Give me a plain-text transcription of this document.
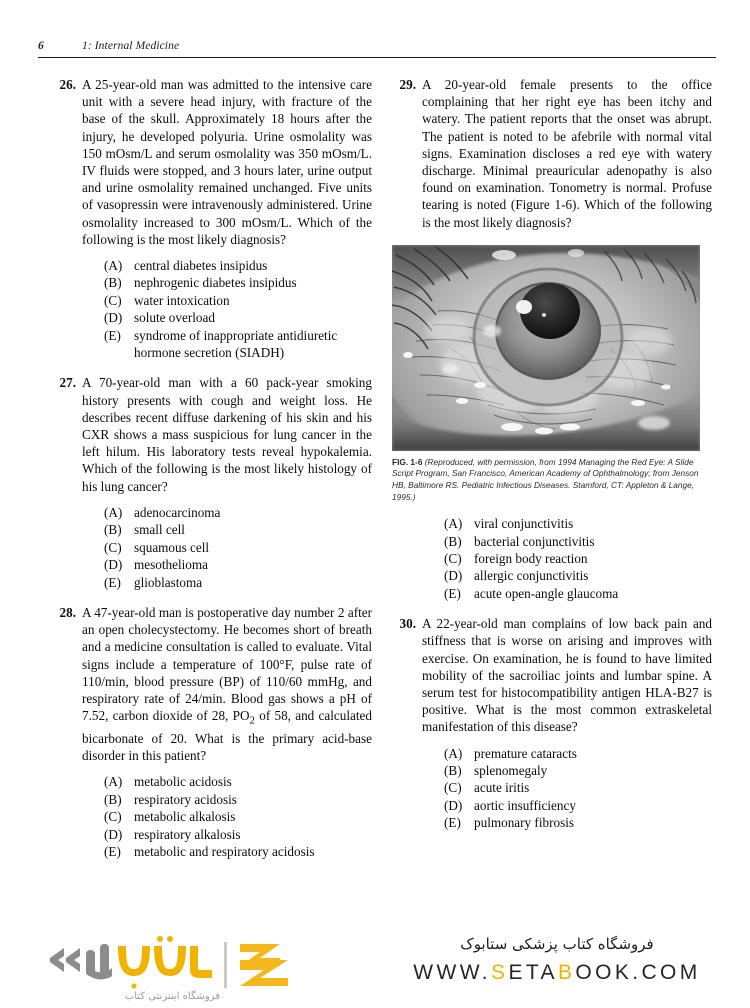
6	1: Internal Medicine
26. A 25-year-old man was admitted to the intensive care unit with a severe head injury, with fracture of the base of the skull. Approximately 18 hours after the injury, he developed polyuria. Urine osmolality was 150 mOsm/L and serum osmolality was 350 mOsm/L. IV fluids were stopped, and 3 hours later, urine output and urine osmolality remained unchanged. Five units of vasopressin were intravenously administered. Urine osmolality increased to 300 mOsm/L. Which of the following is the most likely diagnosis?
(A) central diabetes insipidus
(B) nephrogenic diabetes insipidus
(C) water intoxication
(D) solute overload
(E) syndrome of inappropriate antidiuretic hormone secretion (SIADH)
27. A 70-year-old man with a 60 pack-year smoking history presents with cough and weight loss. He describes recent diffuse darkening of his skin and his CXR shows a mass suspicious for lung cancer in the left hilum. His laboratory tests reveal hypokalemia. Which of the following is the most likely histology of his lung cancer?
(A) adenocarcinoma
(B) small cell
(C) squamous cell
(D) mesothelioma
(E) glioblastoma
28. A 47-year-old man is postoperative day number 2 after an open cholecystectomy. He becomes short of breath and a medicine consultation is called to evaluate. Vital signs include a temperature of 100°F, pulse rate of 110/min, blood pressure (BP) of 110/60 mmHg, and respiratory rate of 24/min. Blood gas shows a pH of 7.52, carbon dioxide of 28, $PO_2$ of 58, and calculated bicarbonate of 20. What is the primary acid-base disorder in this patient?
(A) metabolic acidosis
(B) respiratory acidosis
(C) metabolic alkalosis
(D) respiratory alkalosis
(E) metabolic and respiratory acidosis
29. A 20-year-old female presents to the office complaining that her right eye has been itchy and watery. The patient reports that the onset was abrupt. The patient is noted to be afebrile with normal vital signs. Examination discloses a red eye with watery discharge. Minimal preauricular adenopathy is also found on examination. Tonometry is normal. Profuse tearing is noted (Figure 1-6). Which of the following is the most likely diagnosis?
FIG. 1-6 (Reproduced, with permission, from 1994 Managing the Red Eye: A Slide Script Program, San Francisco, American Academy of Ophthalmology; from Jenson HB, Baltimore RS. Pediatric Infectious Diseases. Stamford, CT: Appleton & Lange, 1995.)
(A) viral conjunctivitis
(B) bacterial conjunctivitis
(C) foreign body reaction
(D) allergic conjunctivitis
(E) acute open-angle glaucoma
30. A 22-year-old man complains of low back pain and stiffness that is worse on arising and improves with exercise. On examination, he is found to have limited mobility of the sacroiliac joints and lumbar spine. A serum test for histocompatibility antigen HLA-B27 is positive. What is the most common extraskeletal manifestation of this disease?
(A) premature cataracts
(B) splenomegaly
(C) acute iritis
(D) aortic insufficiency
(E) pulmonary fibrosis
فروشگاه اینترنتی کتاب
فروشگاه کتاب پزشکی ستابوک
WWW.SETABOOK.COM
